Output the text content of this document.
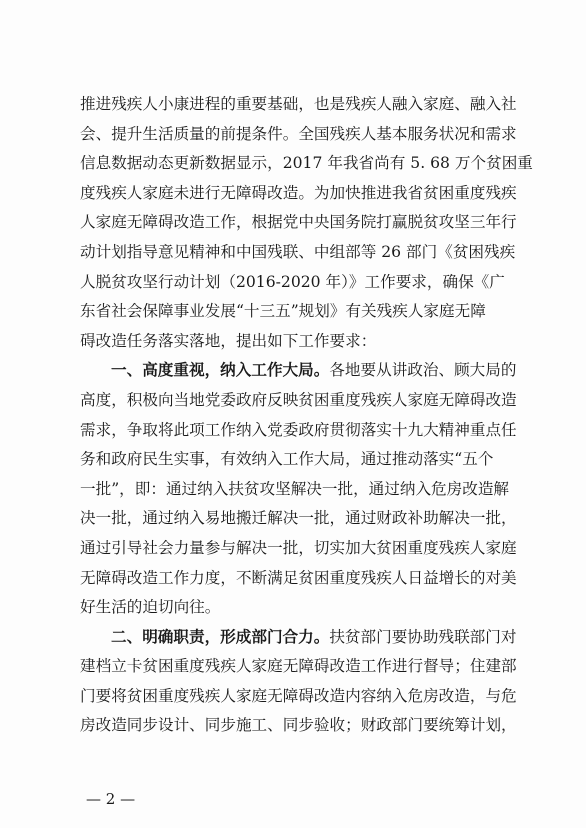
推进残疾人小康进程的重要基础，也是残疾人融入家庭、融入社
会、提升生活质量的前提条件。全国残疾人基本服务状况和需求
信息数据动态更新数据显示，2017 年我省尚有 5. 68 万个贫困重
度残疾人家庭未进行无障碍改造。为加快推进我省贫困重度残疾
人家庭无障碍改造工作，根据党中央国务院打赢脱贫攻坚三年行
动计划指导意见精神和中国残联、中组部等 26 部门《贫困残疾
人脱贫攻坚行动计划（2016-2020 年）》工作要求，确保《广
东省社会保障事业发展“十三五”规划》有关残疾人家庭无障
碍改造任务落实落地，提出如下工作要求：
一、高度重视，纳入工作大局。各地要从讲政治、顾大局的
高度，积极向当地党委政府反映贫困重度残疾人家庭无障碍改造
需求，争取将此项工作纳入党委政府贯彻落实十九大精神重点任
务和政府民生实事，有效纳入工作大局，通过推动落实“五个
一批”，即：通过纳入扶贫攻坚解决一批，通过纳入危房改造解
决一批，通过纳入易地搬迁解决一批，通过财政补助解决一批，
通过引导社会力量参与解决一批，切实加大贫困重度残疾人家庭
无障碍改造工作力度，不断满足贫困重度残疾人日益增长的对美
好生活的迫切向往。
二、明确职责，形成部门合力。扶贫部门要协助残联部门对
建档立卡贫困重度残疾人家庭无障碍改造工作进行督导；住建部
门要将贫困重度残疾人家庭无障碍改造内容纳入危房改造，与危
房改造同步设计、同步施工、同步验收；财政部门要统筹计划，
— 2 —
